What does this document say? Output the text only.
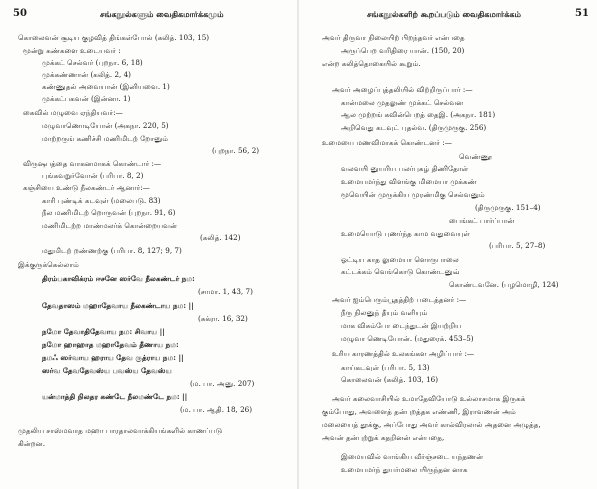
50	சங்கநூல்களும் வைதிகமார்க்கமும்
கொலைவன் சூடிய குழவித் திங்கள்போல் (கலித். 103, 15)
மூன்று கண்களை உடையவர் :
முக்கட் செல்வர் (புறநா. 6, 18)
முக்கண்ணான் (கலித். 2, 4)
கண்ணுதல் அவையான் (இனியவை. 1)
முக்கட்பகவன் (இன்னா. 1)
கைவில் மழுவை ஏந்தியவர்:—
மழுவாணொடியோன் (அகநா. 220, 5)
மாற்றருங் கணிச்சி மணிமிடற் றோனும்
(புறநா. 56, 2)
விருஷபத்தை வாகனமாகக் கொண்டார் :—
புங்கவறுர்வோன் (பரிபா. 8, 2)
கஞ்சியை உண்டு நீலகண்டர் ஆனார்:—
காரி புண்டிக் கடவுள் (மலைபடு. 83)
நீல மணிமிடற் றொருவன் (புறநா. 91, 6)
மணிமிடற்ற மாண்மலர்க் கொன்றையவன்
(கலித். 142)
மதுமிடற் றண்ணற்கு (பரிபா. 8, 127; 9, 7)
இக்குருக்கெல்லாம்
திரம்பகாவிக்ரம் ஈசனே ஸர்வே நீலகண்டர் நம:
(சாமா. 1, 43, 7)
தேவதாஸம் மஹாதேவாய நீலகண்டாய நம: ||
(சுக்ரா. 16, 32)
நமோ தேவாதிதேவாய நம: சிவாய ||
நமோ ஹாஹாத மஹாதேவம் தீணாய நம:
நமஃ ஸர்வாய ஹராய தேவ ருத்ராய நம: ||
ஸர்வ தேவதேவஸ்ய பவஸ்ய தேவஸ்ய
(ம. பா. அனு. 207)
யன்மாத்தி நிலதர கண்டே நீலமண்டே நம: ||
(ம. பா. ஆதி. 18, 26)
முதலிய சாஸ்மவாத மஹா பாரதாலவாக்கியங்களில் காணப்படு
கின்றன.
51
சங்கநூல்களிற் கூறப்படும் வைதிகமார்க்கம்
அவர் திருவா நிலையிற் பிறந்தவர் என்பதை
அருப்பெற வரிதிரை யான். (150, 20)
என்ற கலித்தொகையில் கூறும்.
அவர் அழைப்புத்தலியில் விற்றிருப்பார் :—
கான்மலை முதலுண் முக்கட் செல்வன
ஆல முற்றங் கவின்பெறத் தைஇ. (அகநா. 181)
அறிவெது கடவுட் புதல்வ. (திருமுருகு. 256)
உமையை மணவிமாகக் கொண்டனர் :—
வெண்ணூ
வலவயி னுயரிய பலர்புகழ் திணிதோள்
உமையமர்ந்து விளங்கு மிமையா முக்கண்
மூவெயின் முருக்கிய முரண்மிகு செல்வனும்
(திருமுருகு. 151–4)
பைங்கட் பார்ப்பான்
உமையொடு புணர்ந்த காம வதுவையுள்
(பரிபா. 5, 27–8)
ஓட்டிய காத லுமையா ளொருபாலை
கட்டக்கம் வெங்கொடு கொண்டனுவ்
கொண்டவனே. (பழமொழி, 124)
அவர் ஐம்பெரும்பூதத்திற் படைத்தனர் :—
நீரு நிலனுந் தீயும் வளியும்
மாக விசும்போ டைந்துடன் இயற்றிய
மழுவா ணெடியோன். (மதுரைக். 453–5)
உரிய காரணத்தில் உலகங்கள அழிப்பார் :—
காய்கடவுள் (பரிபா. 5, 13)
கொலைவன் (கலித். 103, 16)
அவர் கலைவாசியில் உமாதேவியோடு உல்லாசமாக இருகக்
கும்போது, அவளைத் தன்புறத்தக எண்ணி, இராவணன் அம்
மலையைத் தூக்கு, அப்போது அவர் கால்விரலால் அதனை அழுத்த,
அவன் தன்புற்றுக் கதறினன் என்பதை,
இமையவில் வாங்கிய வீர்ஞ்சடை யந்தணன்
உமையமர்ந் துயர்மலை யிருந்தன னாக
